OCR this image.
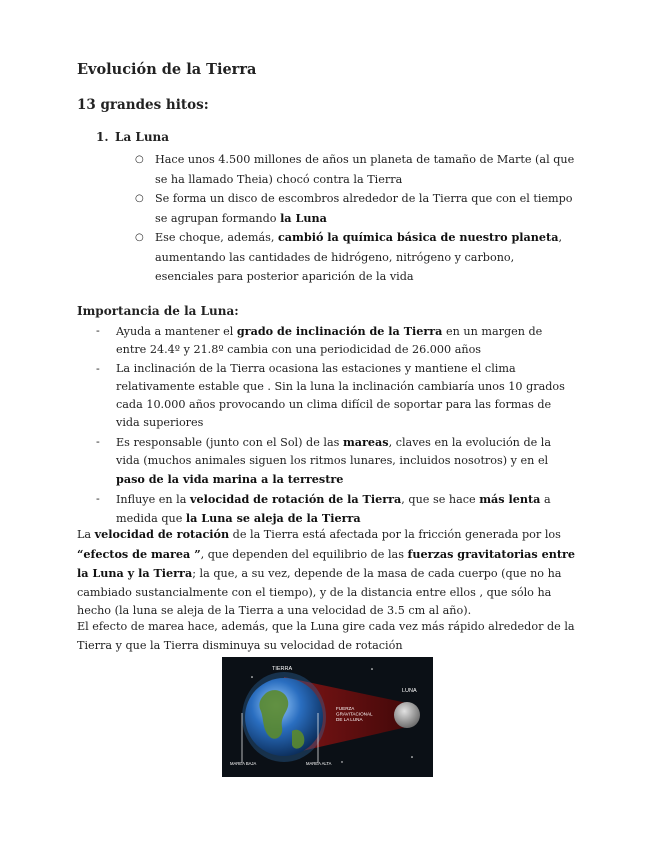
Evolución de la Tierra
13 grandes hitos:
1. La Luna

○ Hace unos 4.500 millones de años un planeta de tamaño de Marte (al que se ha llamado Theia) chocó contra la Tierra

○ Se forma un disco de escombros alrededor de la Tierra que con el tiempo se agrupan formando la Luna

○ Ese choque, además, cambió la química básica de nuestro planeta, aumentando las cantidades de hidrógeno, nitrógeno y carbono, esenciales para posterior aparición de la vida

Importancia de la Luna:

- Ayuda a mantener el grado de inclinación de la Tierra en un margen de entre 24.4º y 21.8º cambia con una periodicidad de 26.000 años

- La inclinación de la Tierra ocasiona las estaciones y mantiene el clima relativamente estable que . Sin la luna la inclinación cambiaría unos 10 grados cada 10.000 años provocando un clima difícil de soportar para las formas de vida superiores

- Es responsable (junto con el Sol) de las mareas, claves en la evolución de la vida (muchos animales siguen los ritmos lunares, incluidos nosotros) y en el paso de la vida marina a la terrestre

- Influye en la velocidad de rotación de la Tierra, que se hace más lenta a medida que la Luna se aleja de la Tierra

La velocidad de rotación de la Tierra está afectada por la fricción generada por los “efectos de marea ”, que dependen del equilibrio de las fuerzas gravitatorias entre la Luna y la Tierra; la que, a su vez, depende de la masa de cada cuerpo (que no ha cambiado sustancialmente con el tiempo), y de la distancia entre ellos , que sólo ha hecho (la luna se aleja de la Tierra a una velocidad de 3.5 cm al año).
El efecto de marea hace, además, que la Luna gire cada vez más rápido alrededor de la Tierra y que la Tierra disminuya su velocidad de rotación
TIERRA
LUNA
FUERZA GRAVITACIONAL DE LA LUNA
MAREA BAJA	MAREA ALTA
